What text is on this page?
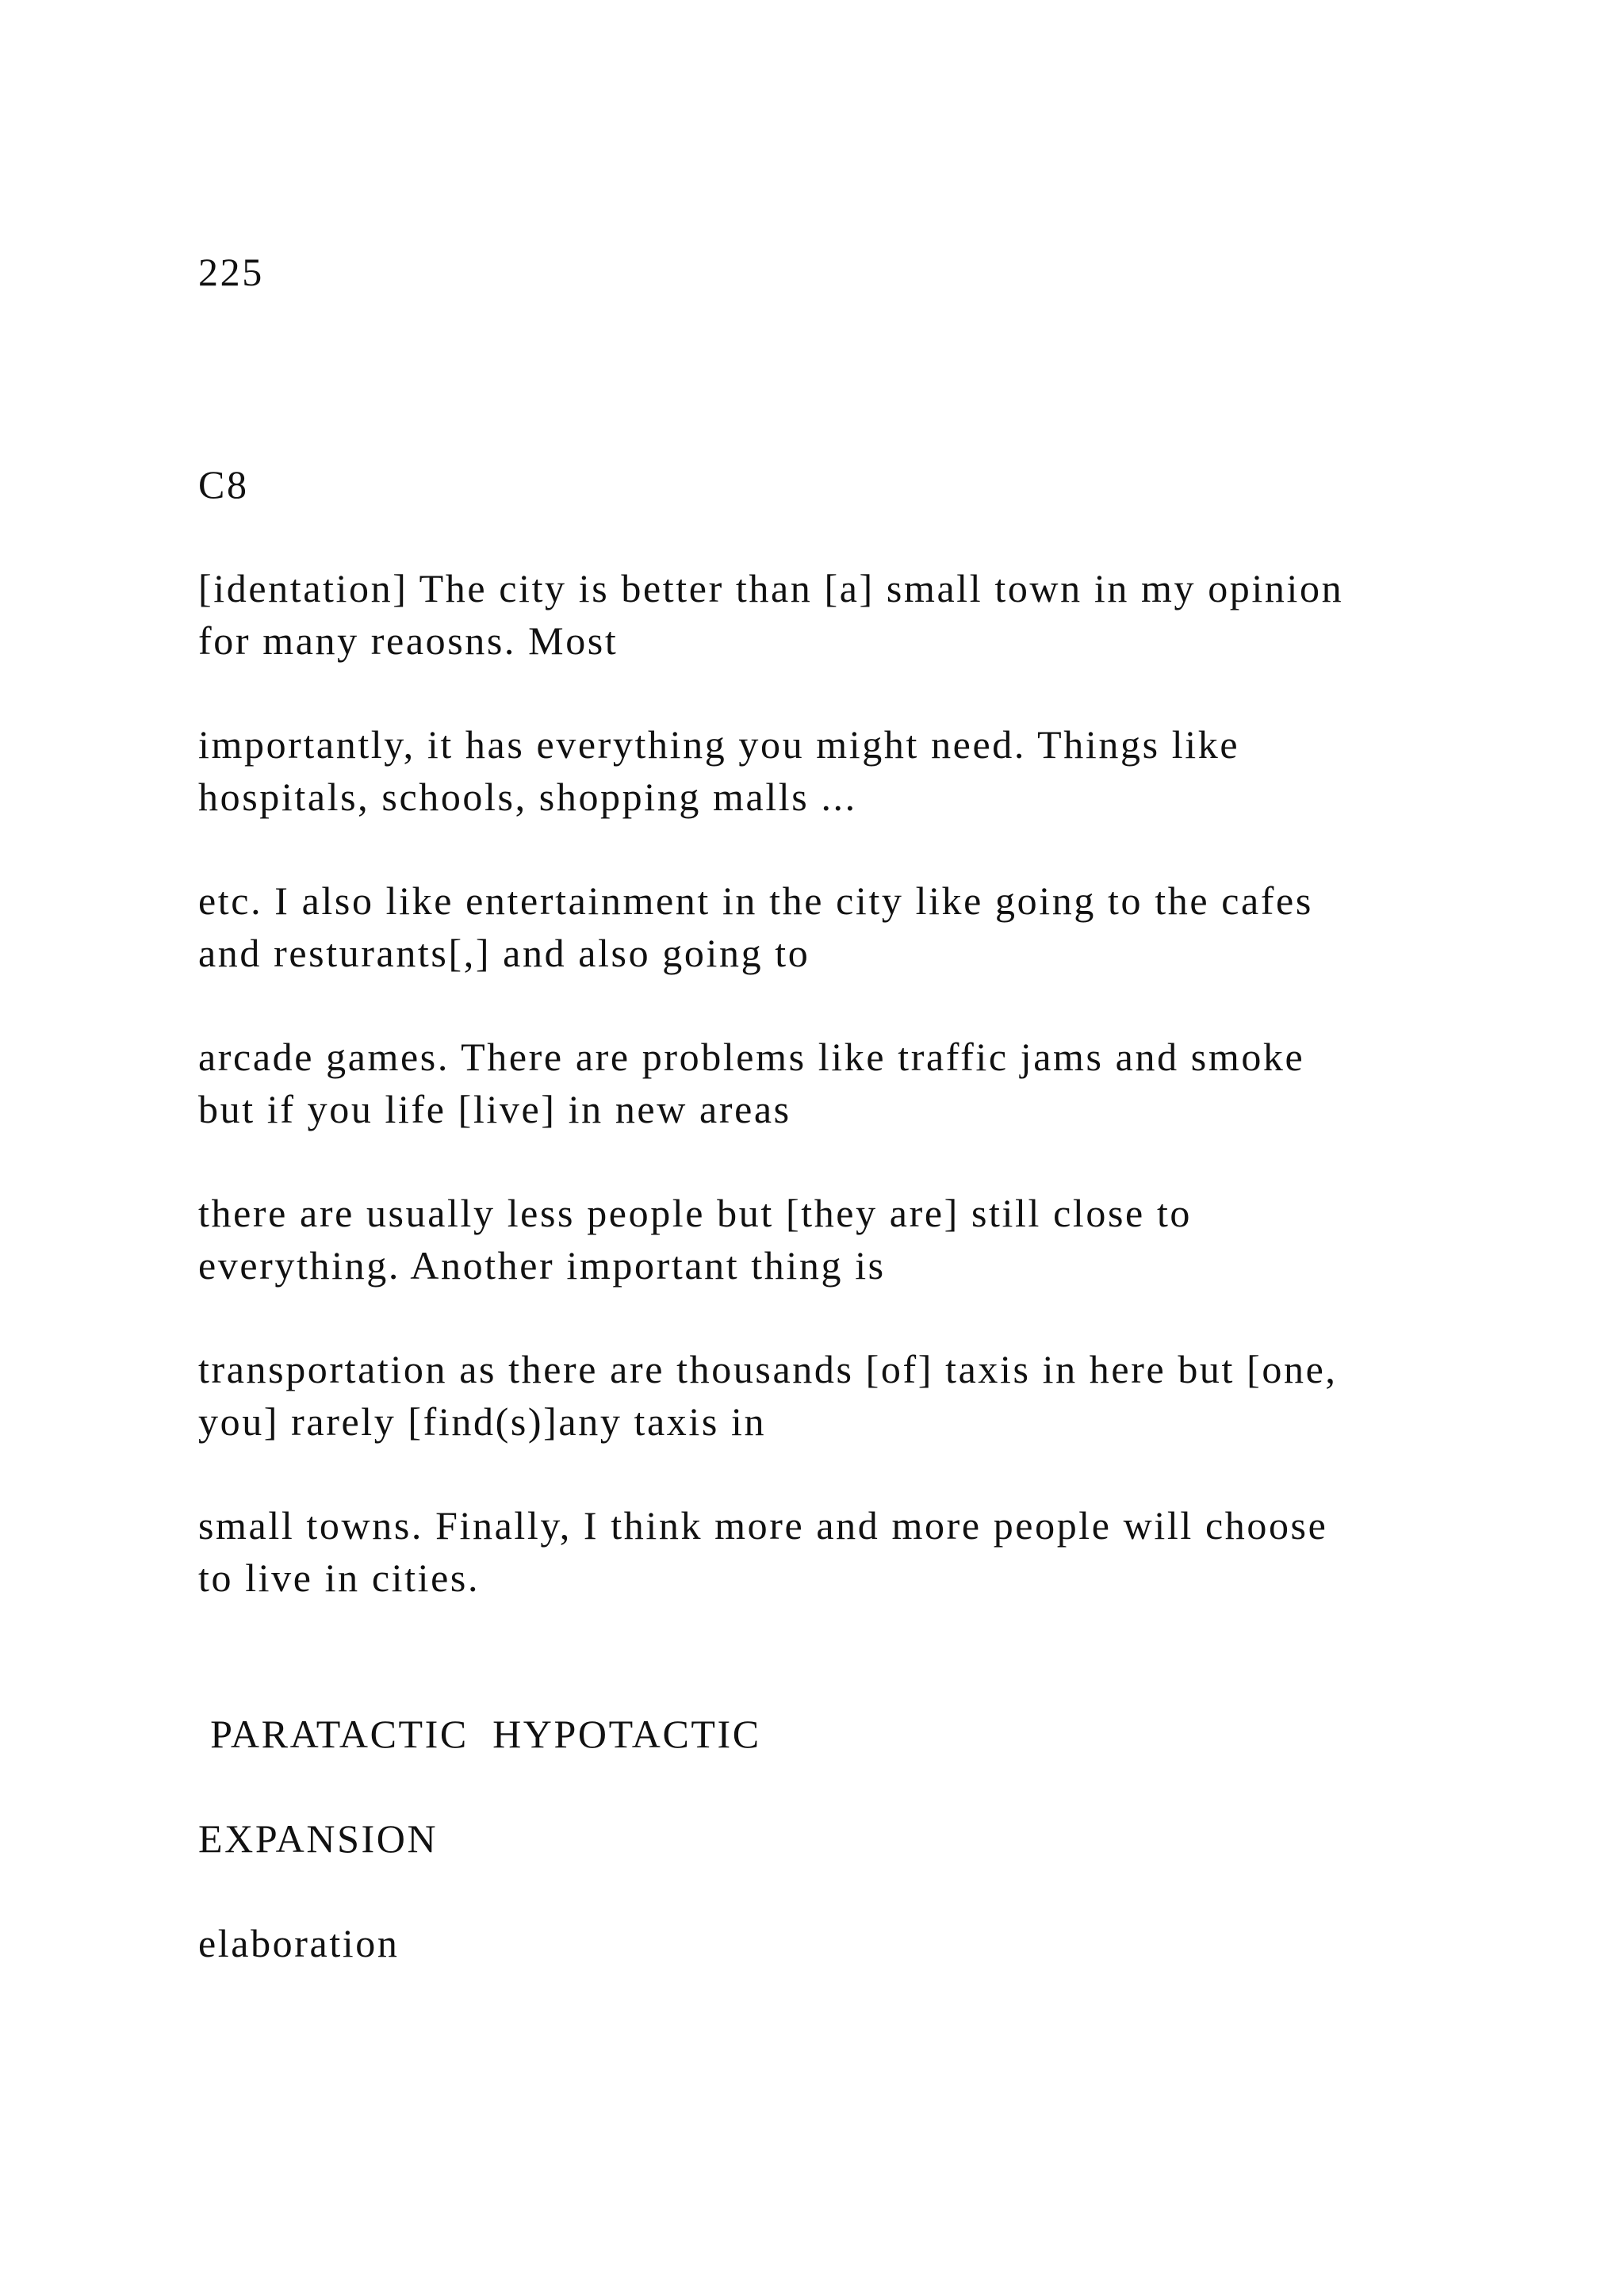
225

C8

[identation] The city is better than [a] small town in my opinion
for many reaosns. Most
importantly, it has everything you might need. Things like
hospitals, schools, shopping malls ...
etc. I also like entertainment in the city like going to the cafes
and resturants[,] and also going to
arcade games. There are problems like traffic jams and smoke
but if you life [live] in new areas
there are usually less people but [they are] still close to
everything. Another important thing is
transportation as there are thousands [of] taxis in here but [one,
you] rarely [find(s)]any taxis in
small towns. Finally, I think more and more people will choose
to live in cities.

PARATACTIC  HYPOTACTIC

EXPANSION

elaboration
